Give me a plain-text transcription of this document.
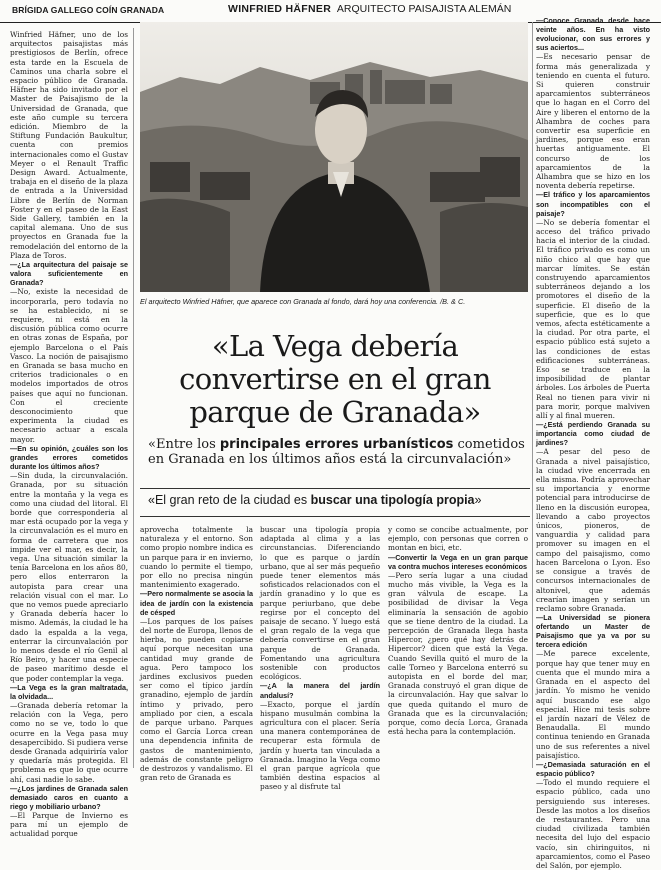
BRÍGIDA GALLEGO COÍN GRANADA	WINFRIED HÄFNER ARQUITECTO PAISAJISTA ALEMÁN

Winfried Häfner, uno de los arquitectos paisajistas más prestigiosos de Berlín, ofrece esta tarde en la Escuela de Caminos una charla sobre el espacio público de Granada. Häfner ha sido invitado por el Master de Paisajismo de la Universidad de Granada, que este año cumple su tercera edición. Miembro de la Stiftung Fundación Baukultur, cuenta con premios internacionales como el Gustav Meyer o el Renault Traffic Design Award. Actualmente, trabaja en el diseño de la plaza de entrada a la Universidad Libre de Berlín de Norman Foster y en el paseo de la East Side Gallery, también en la capital alemana. Uno de sus proyectos en Granada fue la remodelación del entorno de la Plaza de Toros.

—¿La arquitectura del paisaje se valora suficientemente en Granada?

—No, existe la necesidad de incorporarla, pero todavía no se ha establecido, ni se requiere, ni está en la discusión pública como ocurre en otras zonas de España, por ejemplo Barcelona o el País Vasco. La noción de paisajismo en Granada se basa mucho en criterios tradicionales o en modelos importados de otros países que aquí no funcionan. Con el creciente desconocimiento que experimenta la ciudad es necesario actuar a escala mayor.

—En su opinión, ¿cuáles son los grandes errores cometidos durante los últimos años?

—Sin duda, la circunvalación. Granada, por su situación entre la montaña y la vega es como una ciudad del litoral. El borde que corresponderia al mar está ocupado por la vega y la circunvalación es el muro en forma de carretera que nos impide ver el mar, es decir, la vega. Una situación similar la tenía Barcelona en los años 80, pero ellos enterraron la autopista para crear una relación visual con el mar. Lo que no vemos puede apreciarlo y Granada debería hacer lo mismo. Además, la ciudad le ha dado la espalda a la vega, enterrar la circunvalación por lo menos desde el río Genil al Río Beiro, y hacer una especie de paseo marítimo desde el que poder contemplar la vega.

—La Vega es la gran maltratada, la olvidada...

—Granada debería retomar la relación con la Vega, pero como no se ve, todo lo que ocurre en la Vega pasa muy desapercibido. Si pudiera verse desde Granada adquiriría valor y quedaría más protegida. El problema es que lo que ocurre ahí, casi nadie lo sabe.

—¿Los jardines de Granada salen demasiado caros en cuanto a riego y mobiliario urbano?

—El Parque de Invierno es para mí un ejemplo de actualidad porque

El arquitecto Winfried Häfner, que aparece con Granada al fondo, dará hoy una conferencia. /B. & C.
«La Vega debería
convertirse en el gran
parque de Granada»
«Entre los principales errores urbanísticos cometidos en Granada en los últimos años está la circunvalación»
«El gran reto de la ciudad es buscar una tipología propia»

aprovecha totalmente la naturaleza y el entorno. Son como propio nombre indica es un parque para ir en invierno, cuando lo permite el tiempo, por ello no precisa ningún mantenimiento exagerado.

—Pero normalmente se asocia la idea de jardín con la existencia de césped

—Los parques de los países del norte de Europa, llenos de hierba, no pueden copiarse aquí porque necesitan una cantidad muy grande de agua. Pero tampoco los jardines exclusivos pueden ser como el típico jardín granadino, ejemplo de jardín íntimo y privado, pero ampliado por cien, a escala de parque urbano. Parques como el García Lorca crean una dependencia infinita de gastos de mantenimiento, además de constante peligro de destrozos y vandalismo. El gran reto de Granada es

buscar una tipología propia adaptada al clima y a las circunstancias. Diferenciando lo que es parque o jardín urbano, que al ser más pequeño puede tener elementos más sofisticados relacionados con el jardín granadino y lo que es parque periurbano, que debe regirse por el concepto del paisaje de secano. Y luego está el gran regalo de la vega que debería convertirse en el gran parque de Granada. Fomentando una agricultura sostenible con productos ecológicos.

—¿A la manera del jardín andalusí?

—Exacto, porque el jardín hispano musulmán combina la agricultura con el placer. Sería una manera contemporánea de recuperar esta fórmula de jardín y huerta tan vinculada a Granada. Imagino la Vega como el gran parque agrícola que también destina espacios al paseo y al disfrute tal

y como se concibe actualmente, por ejemplo, con personas que corren o montan en bici, etc.

—Convertir la Vega en un gran parque va contra muchos intereses económicos

—Pero sería lugar a una ciudad mucho más vivible, la Vega es la gran válvula de escape. La posibilidad de divisar la Vega eliminaría la sensación de agobio que se tiene dentro de la ciudad. La percepción de Granada llega hasta Hipercor, ¿pero qué hay detrás de Hipercor? dicen que está la Vega. Cuando Sevilla quitó el muro de la calle Torneo y Barcelona enterró su autopista en el borde del mar, Granada construyó el gran dique de la circunvalación. Hay que salvar lo que queda quitando el muro de Granada que es la circunvalación; porque, como decía Lorca, Granada está hecha para la contemplación.

—Conoce Granada desde hace veinte años. En ha visto evolucionar, con sus errores y sus aciertos...

—Es necesario pensar de forma más generalizada y teniendo en cuenta el futuro. Si quieren construir aparcamientos subterráneos que lo hagan en el Corro del Aire y liberen el entorno de la Alhambra de coches para convertir esa superficie en jardines, porque eso eran huertas antiguamente. El concurso de los aparcamientos de la Alhambra que se hizo en los noventa debería repetirse.

—El tráfico y los aparcamientos son incompatibles con el paisaje?

—No se debería fomentar el acceso del tráfico privado hacia el interior de la ciudad. El tráfico privado es como un niño chico al que hay que marcar límites. Se están construyendo aparcamientos subterráneos dejando a los promotores el diseño de la superficie. El diseño de la superficie, que es lo que vemos, afecta estéticamente a la ciudad. Por otra parte, el espacio público está sujeto a las condiciones de estas edificaciones subterráneas. Eso se traduce en la imposibilidad de plantar árboles. Los árboles de Puerta Real no tienen para vivir ni para morir, porque malviven allí y al final mueren.

—¿Está perdiendo Granada su importancia como ciudad de jardines?

—A pesar del peso de Granada a nivel paisajístico, la ciudad vive encerrada en ella misma. Podría aprovechar su importancia y enorme potencial para introducirse de lleno en la discusión europea, llevando a cabo proyectos únicos, pioneros, de vanguardia y calidad para promover su imagen en el campo del paisajismo, como hacen Barcelona o Lyon. Eso se consigue a través de concursos internacionales de altonivel, que además crearían imagen y serían un reclamo sobre Granada.

—La Universidad se pionera ofertando un Master de Paisajismo que ya va por su tercera edición

—Me parece excelente, porque hay que tener muy en cuenta que el mundo mira a Granada en el aspecto del jardín. Yo mismo he venido aquí buscando ese algo especial. Hice mi tesis sobre el jardín nazarí de Vélez de Benaudalla. El mundo continua teniendo en Granada uno de sus referentes a nivel paisajístico.

—¿Demasiada saturación en el espacio público?

—Todo el mundo requiere el espacio público, cada uno persiguiendo sus intereses. Desde las motos a los diseños de restaurantes. Pero una ciudad civilizada también necesita del lujo del espacio vacío, sin chiringuitos, ni aparcamientos, como el Paseo del Salón, por ejemplo.
